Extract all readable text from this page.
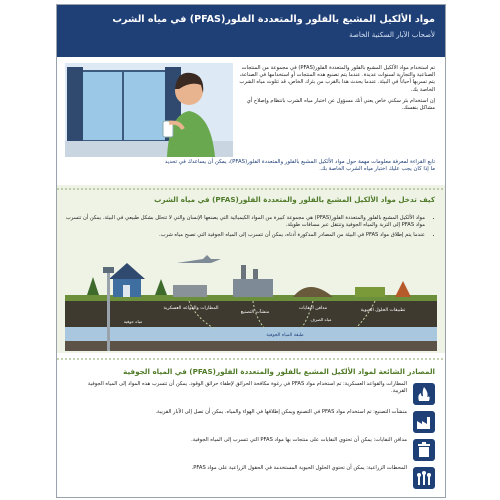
مواد الألكيل المشبع بالفلور والمتعددة الفلور(PFAS) في مياه الشرب
لأصحاب الآبار السكنية الخاصة

تم استخدام مواد الألكيل المشبع بالفلور والمتعددة الفلور(PFAS) في مجموعة من المنتجات الصناعية والتجارية لسنوات عديدة. عندما يتم تصنيع هذه المنتجات أو استخدامها في الصناعة، يتم تسربها أحياناً في البيئة. عندما يحدث هذا بالقرب من بئرك الخاص، قد تتلوث مياه الشرب الخاصة بك.

إن استخدام بئر سكني خاص يعني أنك مسؤول عن اختبار مياه الشرب بانتظام وإصلاح أي مشاكل بنفسك.

تابع القراءة لمعرفة معلومات مهمة حول مواد الألكيل المشبع بالفلور والمتعددة الفلور(PFAS)، يمكن أن يساعدك في تحديد

ما إذا كان يجب عليك اختبار مياه الشرب الخاصة بك.

كيف تدخل مواد الألكيل المشبع بالفلور والمتعددة الفلور(PFAS) في مياه الشرب
• مواد الألكيل المشبع بالفلور والمتعددة الفلور(PFAS) هي مجموعة كبيرة من المواد الكيميائية التي يصنعها الإنسان والتي لا تتحلل بشكل طبيعي في البيئة. يمكن أن تتسرب مواد PFAS إلى التربة والمياه الجوفية وتنتقل عبر مسافات طويلة.
• عندما يتم إطلاق مواد PFAS في البيئة من المصادر المذكورة أدناه، يمكن أن تتسرب إلى المياه الجوفية التي تصبح مياه شرب.
المطارات والقواعد العسكرية
منشآت التصنيع
مدافن النفايات	تطبيقات الحلول الحيوية
مياه الصرف
مياه جوفية
طبقة المياه الجوفية
المصادر الشائعة لمواد الألكيل المشبع بالفلور والمتعددة الفلور(PFAS) في المياه الجوفية
المطارات والقواعد العسكرية: تم استخدام مواد PFAS في رغوة مكافحة الحرائق لإطفاء حرائق الوقود. يمكن أن تتسرب هذه المواد إلى المياه الجوفية القريبة.
منشآت التصنيع: تم استخدام مواد PFAS في التصنيع ويمكن إطلاقها في الهواء والمياه. يمكن أن تصل إلى الآبار القريبة.
مدافن النفايات: يمكن أن تحتوي النفايات على منتجات بها مواد PFAS التي تتسرب إلى المياه الجوفية.
المحطات الزراعية: يمكن أن تحتوي الحلول الحيوية المستخدمة في الحقول الزراعية على مواد PFAS.
